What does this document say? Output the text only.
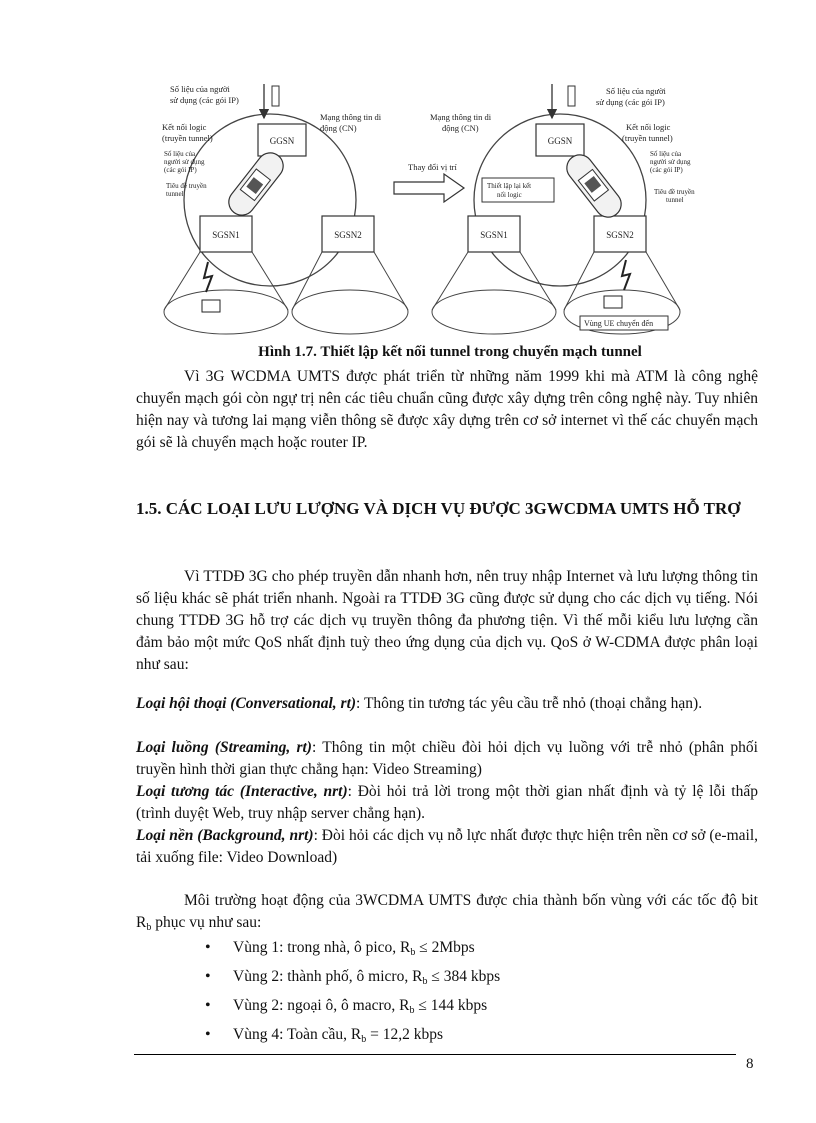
GGSN
SGSN1	SGSN2
Số liệu của người sử dụng (các gói IP)
Mạng thông tin di động (CN)
Kết nối logic (truyền tunnel)
Số liệu của người sử dụng (các gói IP)
Tiêu đề truyền tunnel
Thay đổi vị trí
GGSN
SGSN1	SGSN2
Thiết lập lại kết nối logic
Vùng UE chuyển đến
Số liệu của người sử dụng (các gói IP)
Mạng thông tin di động (CN)	Kết nối logic (truyền tunnel)
Số liệu của người sử dụng (các gói IP)
Tiêu đề truyền tunnel
Hình 1.7. Thiết lập kết nối tunnel trong chuyển mạch tunnel

Vì 3G WCDMA UMTS được phát triển từ những năm 1999 khi mà ATM là công nghệ chuyển mạch gói còn ngự trị nên các tiêu chuẩn cũng được xây dựng trên công nghệ này. Tuy nhiên hiện nay và tương lai mạng viễn thông sẽ được xây dựng trên cơ sở internet vì thế các chuyển mạch gói sẽ là chuyển mạch hoặc router IP.

1.5. CÁC LOẠI LƯU LƯỢNG VÀ DỊCH VỤ ĐƯỢC 3GWCDMA UMTS HỖ TRỢ

Vì TTDĐ 3G cho phép truyền dẫn nhanh hơn, nên truy nhập Internet và lưu lượng thông tin số liệu khác sẽ phát triển nhanh. Ngoài ra TTDĐ 3G cũng được sử dụng cho các dịch vụ tiếng. Nói chung TTDĐ 3G hỗ trợ các dịch vụ truyền thông đa phương tiện. Vì thế mỗi kiểu lưu lượng cần đảm bảo một mức QoS nhất định tuỳ theo ứng dụng của dịch vụ. QoS ở W-CDMA được phân loại như sau:

Loại hội thoại (Conversational, rt): Thông tin tương tác yêu cầu trễ nhỏ (thoại chẳng hạn).

Loại luồng (Streaming, rt): Thông tin một chiều đòi hỏi dịch vụ luồng với trễ nhỏ (phân phối truyền hình thời gian thực chẳng hạn: Video Streaming)

Loại tương tác (Interactive, nrt): Đòi hỏi trả lời trong một thời gian nhất định và tỷ lệ lỗi thấp (trình duyệt Web, truy nhập server chẳng hạn).

Loại nền (Background, nrt): Đòi hỏi các dịch vụ nỗ lực nhất được thực hiện trên nền cơ sở (e-mail, tải xuống file: Video Download)

Môi trường hoạt động của 3WCDMA UMTS được chia thành bốn vùng với các tốc độ bit $R_b$ phục vụ như sau:

• Vùng 1: trong nhà, ô pico, $R_b$ ≤ 2Mbps
• Vùng 2: thành phố, ô micro, $R_b \le 384$ kbps
• Vùng 2: ngoại ô, ô macro, $R_b \le 144$ kbps
• Vùng 4: Toàn cầu, $R_b = 12,2$ kbps
8
